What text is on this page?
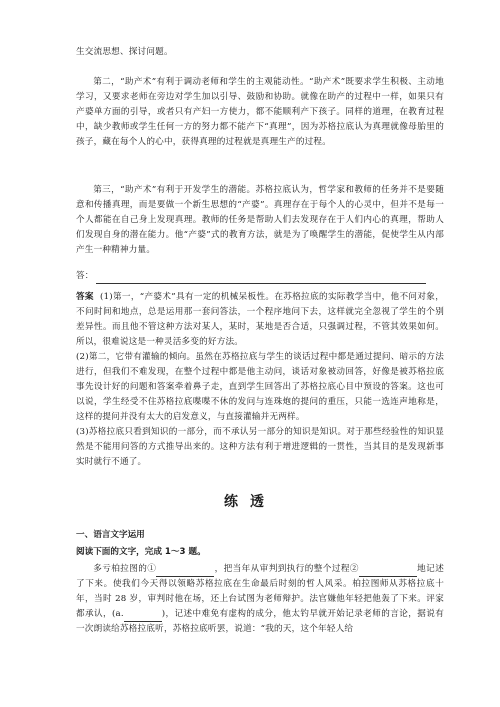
生交流思想、探讨问题。
第二，“助产术”有利于调动老师和学生的主观能动性。“助产术”既要求学生积极、主动地学习，又要求老师在旁边对学生加以引导、鼓励和协助。就像在助产的过程中一样，如果只有产婆单方面的引导，或者只有产妇一方使力，都不能顺利产下孩子。同样的道理，在教育过程中，缺少教师或学生任何一方的努力都不能产下“真理”，因为苏格拉底认为真理就像母胎里的孩子，藏在每个人的心中，获得真理的过程就是真理生产的过程。
第三，“助产术”有利于开发学生的潜能。苏格拉底认为，哲学家和教师的任务并不是要随意和传播真理，而是要做一个新生思想的“产婆”。真理存在于每个人的心灵中，但并不是每一个人都能在自己身上发现真理。教师的任务是帮助人们去发现存在于人们内心的真理，帮助人们发现自身的潜在能力。他“产婆”式的教育方法，就是为了唤醒学生的潜能，促使学生从内部产生一种精神力量。
答：
答案 (1)第一，“产婆术”具有一定的机械呆板性。在苏格拉底的实际教学当中，他不问对象，不问时间和地点，总是运用那一套问答法，一个程序地问下去，这样就完全忽视了学生的个别差异性。而且他不管这种方法对某人，某时，某地是否合适，只强调过程，不管其效果如何。所以，很难说这是一种灵活多变的好方法。
(2)第二，它带有灌输的倾向。虽然在苏格拉底与学生的谈话过程中都是通过提问、暗示的方法进行，但我们不难发现，在整个过程中都是他主动问，谈话对象被动回答，好像是被苏格拉底事先设计好的问题和答案牵着鼻子走，直到学生回答出了苏格拉底心目中预设的答案。这也可以说，学生经受不住苏格拉底喋喋不休的发问与连珠炮的提问的重压，只能一选连声地称是，这样的提问并没有太大的启发意义，与直接灌输并无两样。
(3)苏格拉底只看到知识的一部分，而不承认另一部分的知识是知识。对于那些经验性的知识显然是不能用问答的方式推导出来的。这种方法有利于增进逻辑的一贯性，当其目的是发现新事实时就行不通了。
练透
一、语言文字运用
阅读下面的文字，完成 1～3 题。
多亏柏拉图的①	，把当年从审判到执行的整个过程②	地记述了下来。使我们今天得以领略苏格拉底在生命最后时刻的哲人风采。柏拉图师从苏格拉底十年，当时 28 岁，审判时他在场，还上台试图为老师辩护。法官嫌他年轻把他轰了下来。评家都承认，(a.	)，记述中难免有虚构的成分，他太钓早就开始记录老师的言论，据说有一次朗读给苏格拉底听，苏格拉底听罢，说道：“我的天，这个年轻人给
